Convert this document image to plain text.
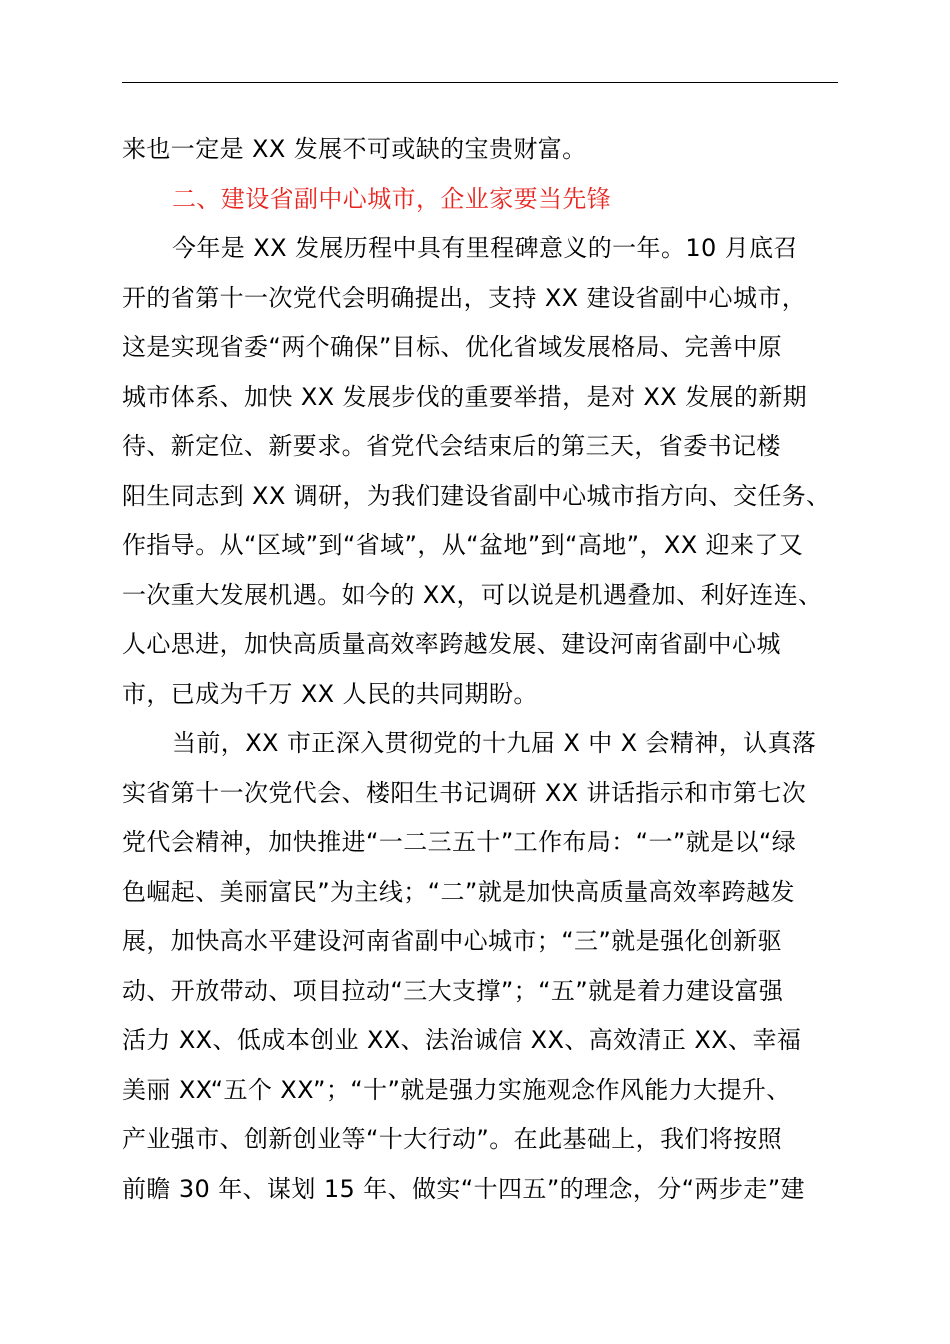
来也一定是 XX 发展不可或缺的宝贵财富。
二、建设省副中心城市，企业家要当先锋
今年是 XX 发展历程中具有里程碑意义的一年。10 月底召
开的省第十一次党代会明确提出，支持 XX 建设省副中心城市，
这是实现省委“两个确保”目标、优化省域发展格局、完善中原
城市体系、加快 XX 发展步伐的重要举措，是对 XX 发展的新期
待、新定位、新要求。省党代会结束后的第三天，省委书记楼
阳生同志到 XX 调研，为我们建设省副中心城市指方向、交任务、
作指导。从“区域”到“省域”，从“盆地”到“高地”，XX 迎来了又
一次重大发展机遇。如今的 XX，可以说是机遇叠加、利好连连、
人心思进，加快高质量高效率跨越发展、建设河南省副中心城
市，已成为千万 XX 人民的共同期盼。
当前，XX 市正深入贯彻党的十九届 X 中 X 会精神，认真落
实省第十一次党代会、楼阳生书记调研 XX 讲话指示和市第七次
党代会精神，加快推进“一二三五十”工作布局：“一”就是以“绿
色崛起、美丽富民”为主线；“二”就是加快高质量高效率跨越发
展，加快高水平建设河南省副中心城市；“三”就是强化创新驱
动、开放带动、项目拉动“三大支撑”；“五”就是着力建设富强
活力 XX、低成本创业 XX、法治诚信 XX、高效清正 XX、幸福
美丽 XX“五个 XX”；“十”就是强力实施观念作风能力大提升、
产业强市、创新创业等“十大行动”。在此基础上，我们将按照
前瞻 30 年、谋划 15 年、做实“十四五”的理念，分“两步走”建
